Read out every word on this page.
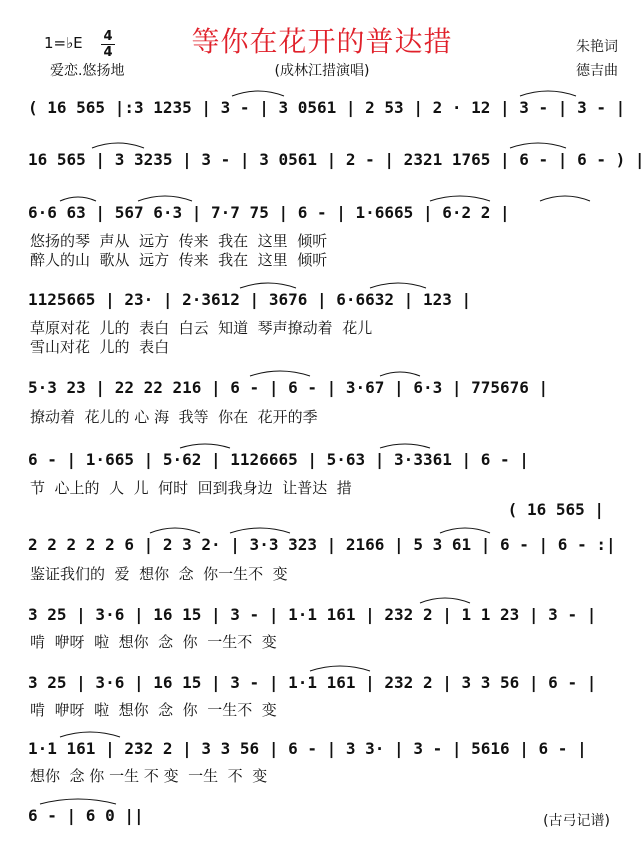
等你在花开的普达措
1=♭E 4
4
爱恋.悠扬地	(成林江措演唱)
朱艳词
德吉曲
( 16 565 |:3 1235 | 3 - | 3 0561 | 2 53 | 2 · 12 | 3 - | 3 - |
16 565 | 3 3235 | 3 - | 3 0561 | 2 - | 2321 1765 | 6 - | 6 - ) |
6·6 63 | 567 6·3 | 7·7 75 | 6 - | 1·6665 | 6·2 2 |
悠扬的琴  声从  远方  传来  我在  这里  倾听
醉人的山  歌从  远方  传来  我在  这里  倾听
1125665 | 23· | 2·3612 | 3676 | 6·6632 | 123 |
草原对花  儿的  表白  白云  知道  琴声撩动着  花儿
雪山对花  儿的  表白
5·3 23 | 22 22 216 | 6 - | 6 - | 3·67 | 6·3 | 775676 |
撩动着  花儿的 心 海  我等  你在  花开的季
6 - | 1·665 | 5·62 | 1126665 | 5·63 | 3·3361 | 6 - |
节  心上的  人  儿  何时  回到我身边  让普达  措
( 16 565 |
2 2 2 2 2 6 | 2 3 2· | 3·3 323 | 2166 | 5 3 61 | 6 - | 6 - :|
鉴证我们的  爱  想你  念  你一生不  变
3 25 | 3·6 | 16 15 | 3 - | 1·1 161 | 232 2 | 1 1 23 | 3 - |
啃  咿呀  啦  想你  念  你  一生不  变
3 25 | 3·6 | 16 15 | 3 - | 1·1 161 | 232 2 | 3 3 56 | 6 - |
啃  咿呀  啦  想你  念  你  一生不  变
1·1 161 | 232 2 | 3 3 56 | 6 - | 3 3· | 3 - | 5616 | 6 - |
想你  念 你 一生 不 变  一生  不  变
6 - | 6 0 ||	(古弓记谱)
